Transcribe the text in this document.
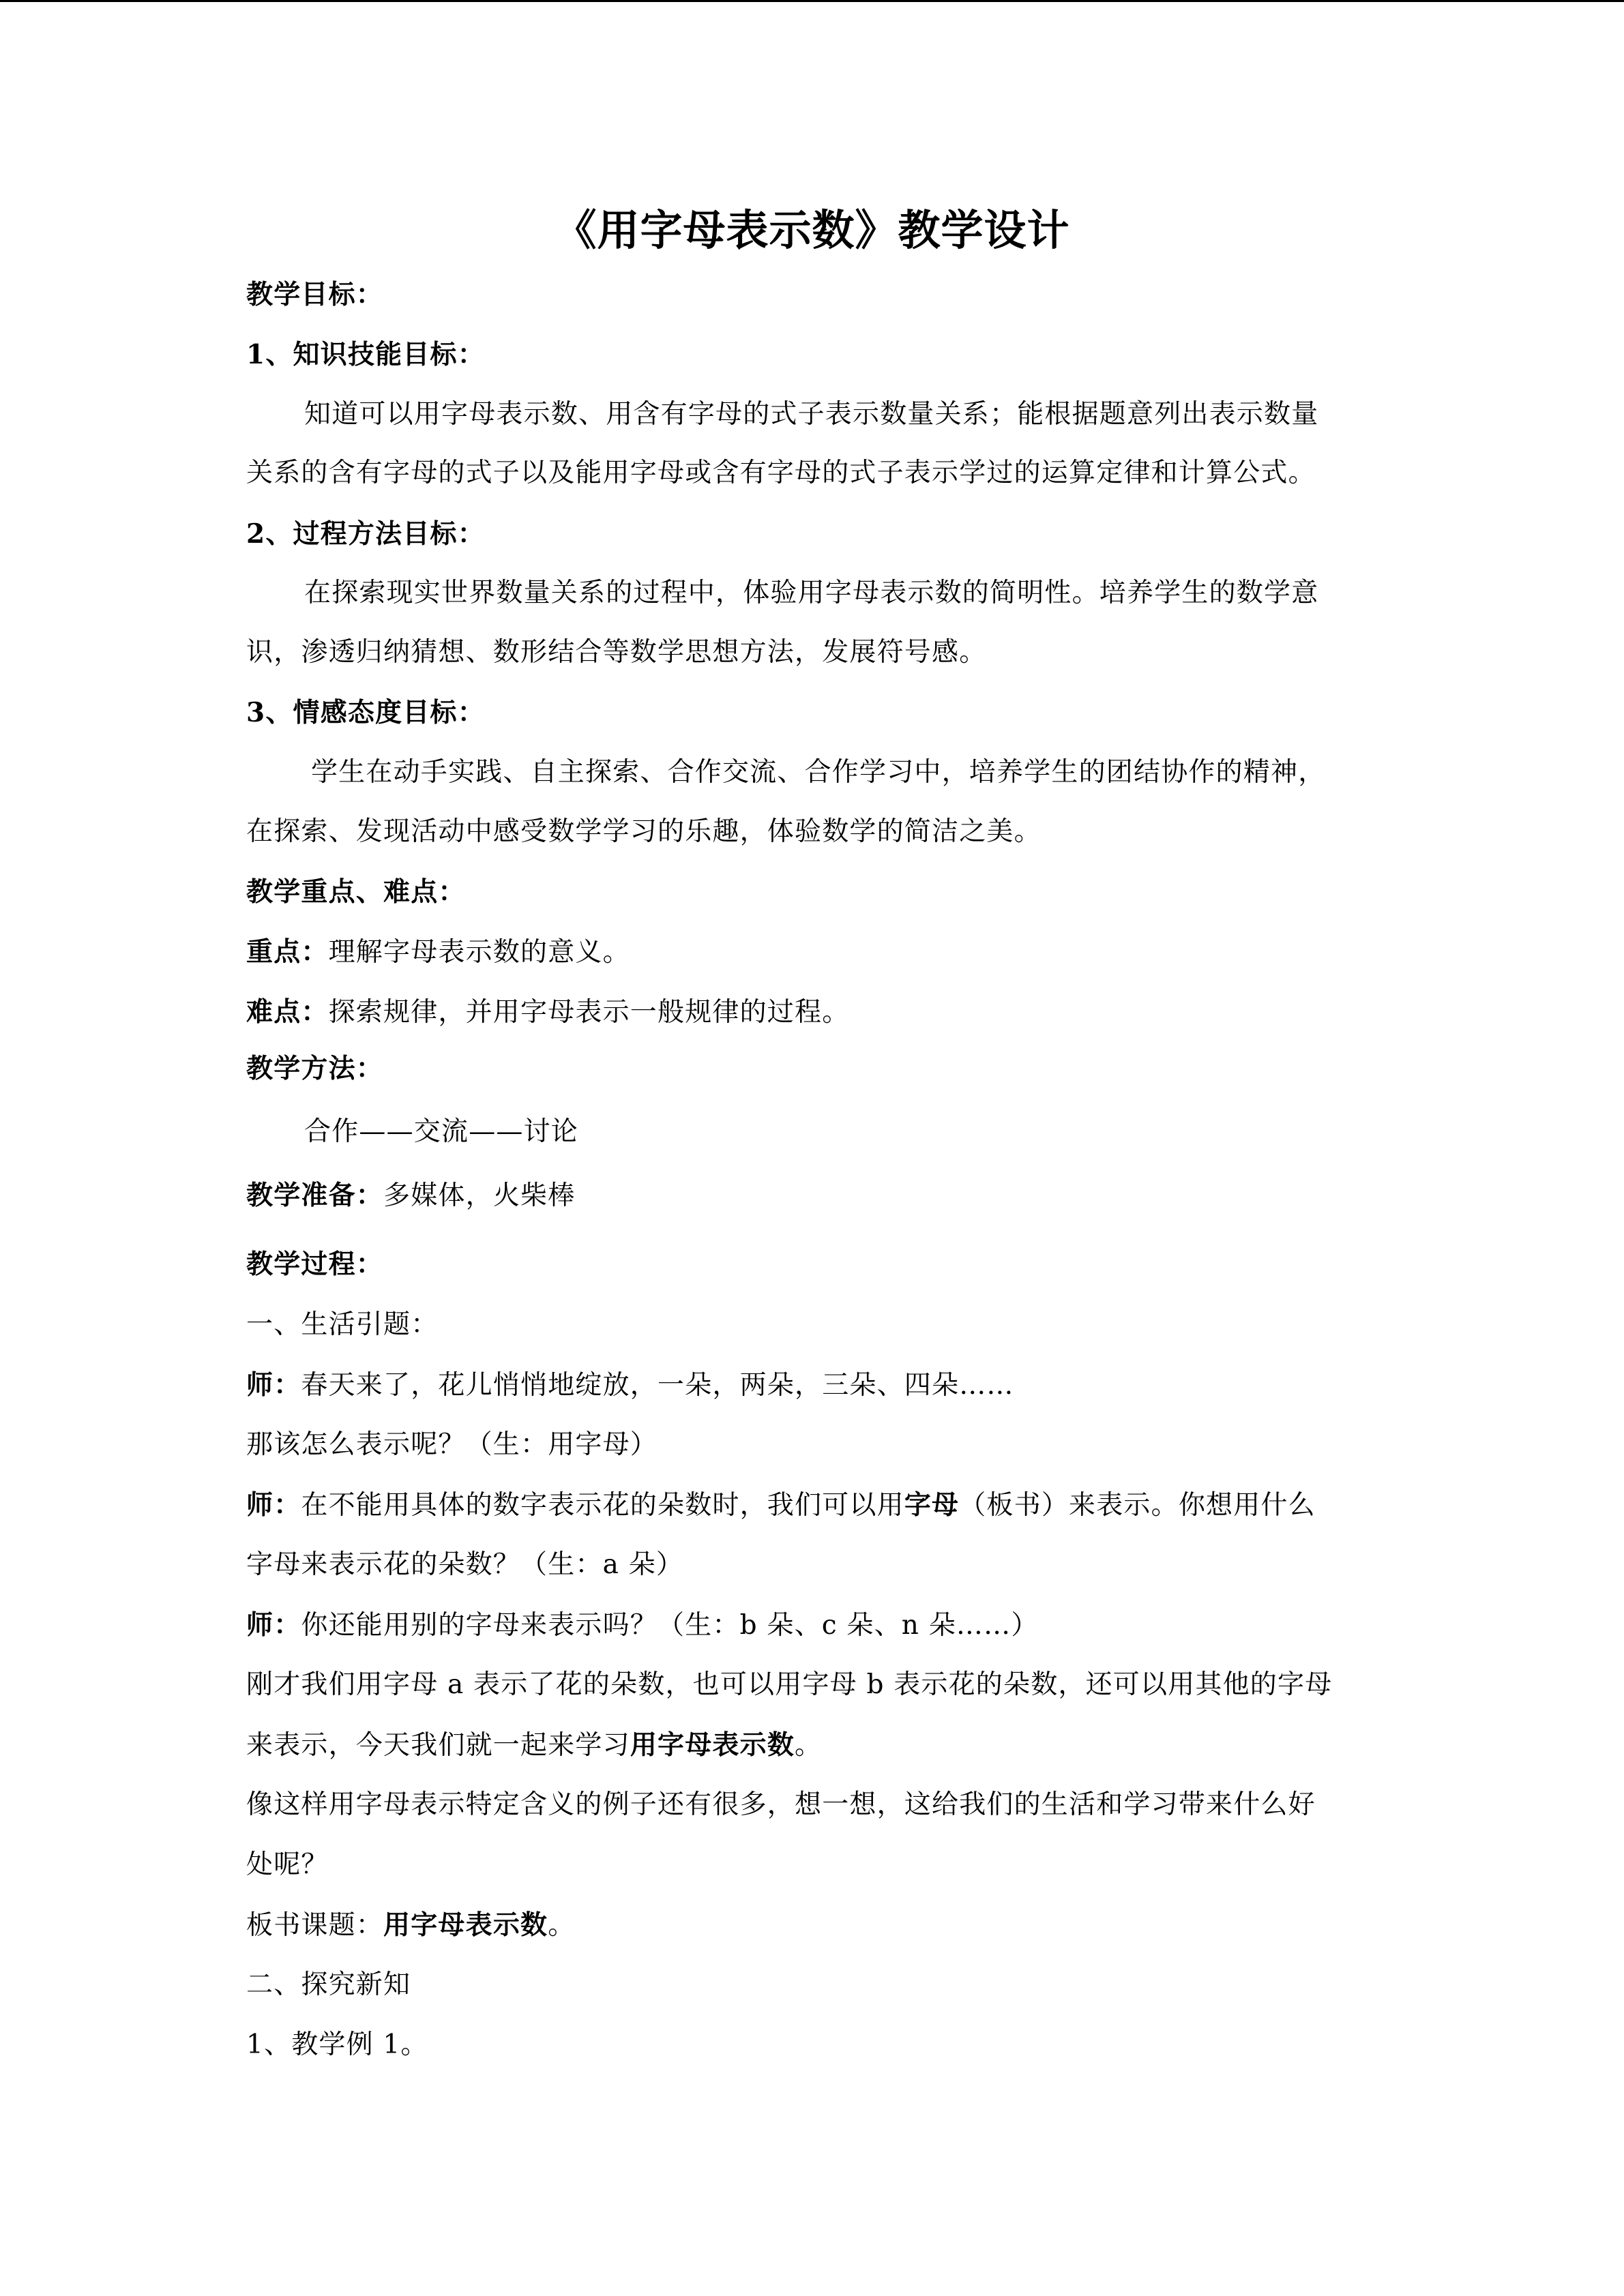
《用字母表示数》教学设计
教学目标：
1、知识技能目标：
知道可以用字母表示数、用含有字母的式子表示数量关系；能根据题意列出表示数量
关系的含有字母的式子以及能用字母或含有字母的式子表示学过的运算定律和计算公式。
2、过程方法目标：
在探索现实世界数量关系的过程中，体验用字母表示数的简明性。培养学生的数学意
识，渗透归纳猜想、数形结合等数学思想方法，发展符号感。
3、情感态度目标：
学生在动手实践、自主探索、合作交流、合作学习中，培养学生的团结协作的精神，
在探索、发现活动中感受数学学习的乐趣，体验数学的简洁之美。
教学重点、难点：
重点：理解字母表示数的意义。
难点：探索规律，并用字母表示一般规律的过程。
教学方法：
合作——交流——讨论
教学准备：多媒体，火柴棒
教学过程：
一、生活引题：
师：春天来了，花儿悄悄地绽放，一朵，两朵，三朵、四朵……
那该怎么表示呢？（生：用字母）
师：在不能用具体的数字表示花的朵数时，我们可以用字母（板书）来表示。你想用什么
字母来表示花的朵数？（生：a 朵）
师：你还能用别的字母来表示吗？（生：b 朵、c 朵、n 朵……）
刚才我们用字母 a 表示了花的朵数，也可以用字母 b 表示花的朵数，还可以用其他的字母
来表示，今天我们就一起来学习用字母表示数。
像这样用字母表示特定含义的例子还有很多，想一想，这给我们的生活和学习带来什么好
处呢？
板书课题：用字母表示数。
二、探究新知
1、教学例 1。
